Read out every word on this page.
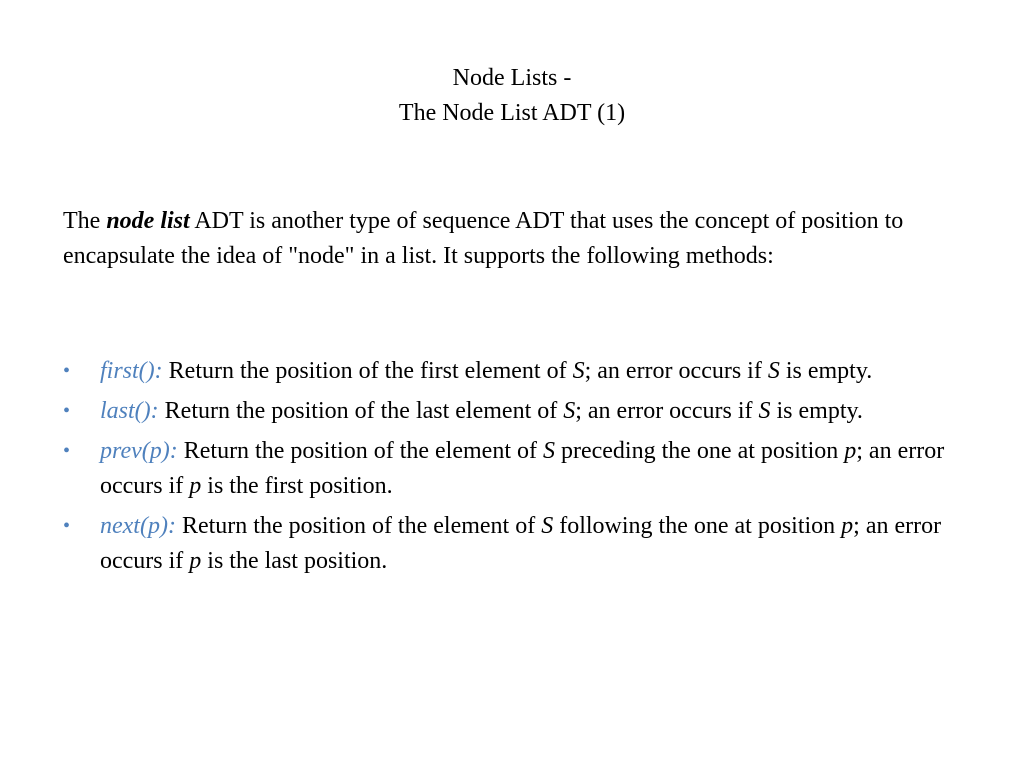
Node Lists -
The Node List ADT (1)

The node list ADT is another type of sequence ADT that uses the concept of position to encapsulate the idea of "node" in a list. It supports the following methods:

• first(): Return the position of the first element of S; an error occurs if S is empty.
• last(): Return the position of the last element of S; an error occurs if S is empty.
• prev(p): Return the position of the element of S preceding the one at position p; an error occurs if p is the first position.
• next(p): Return the position of the element of S following the one at position p; an error occurs if p is the last position.
